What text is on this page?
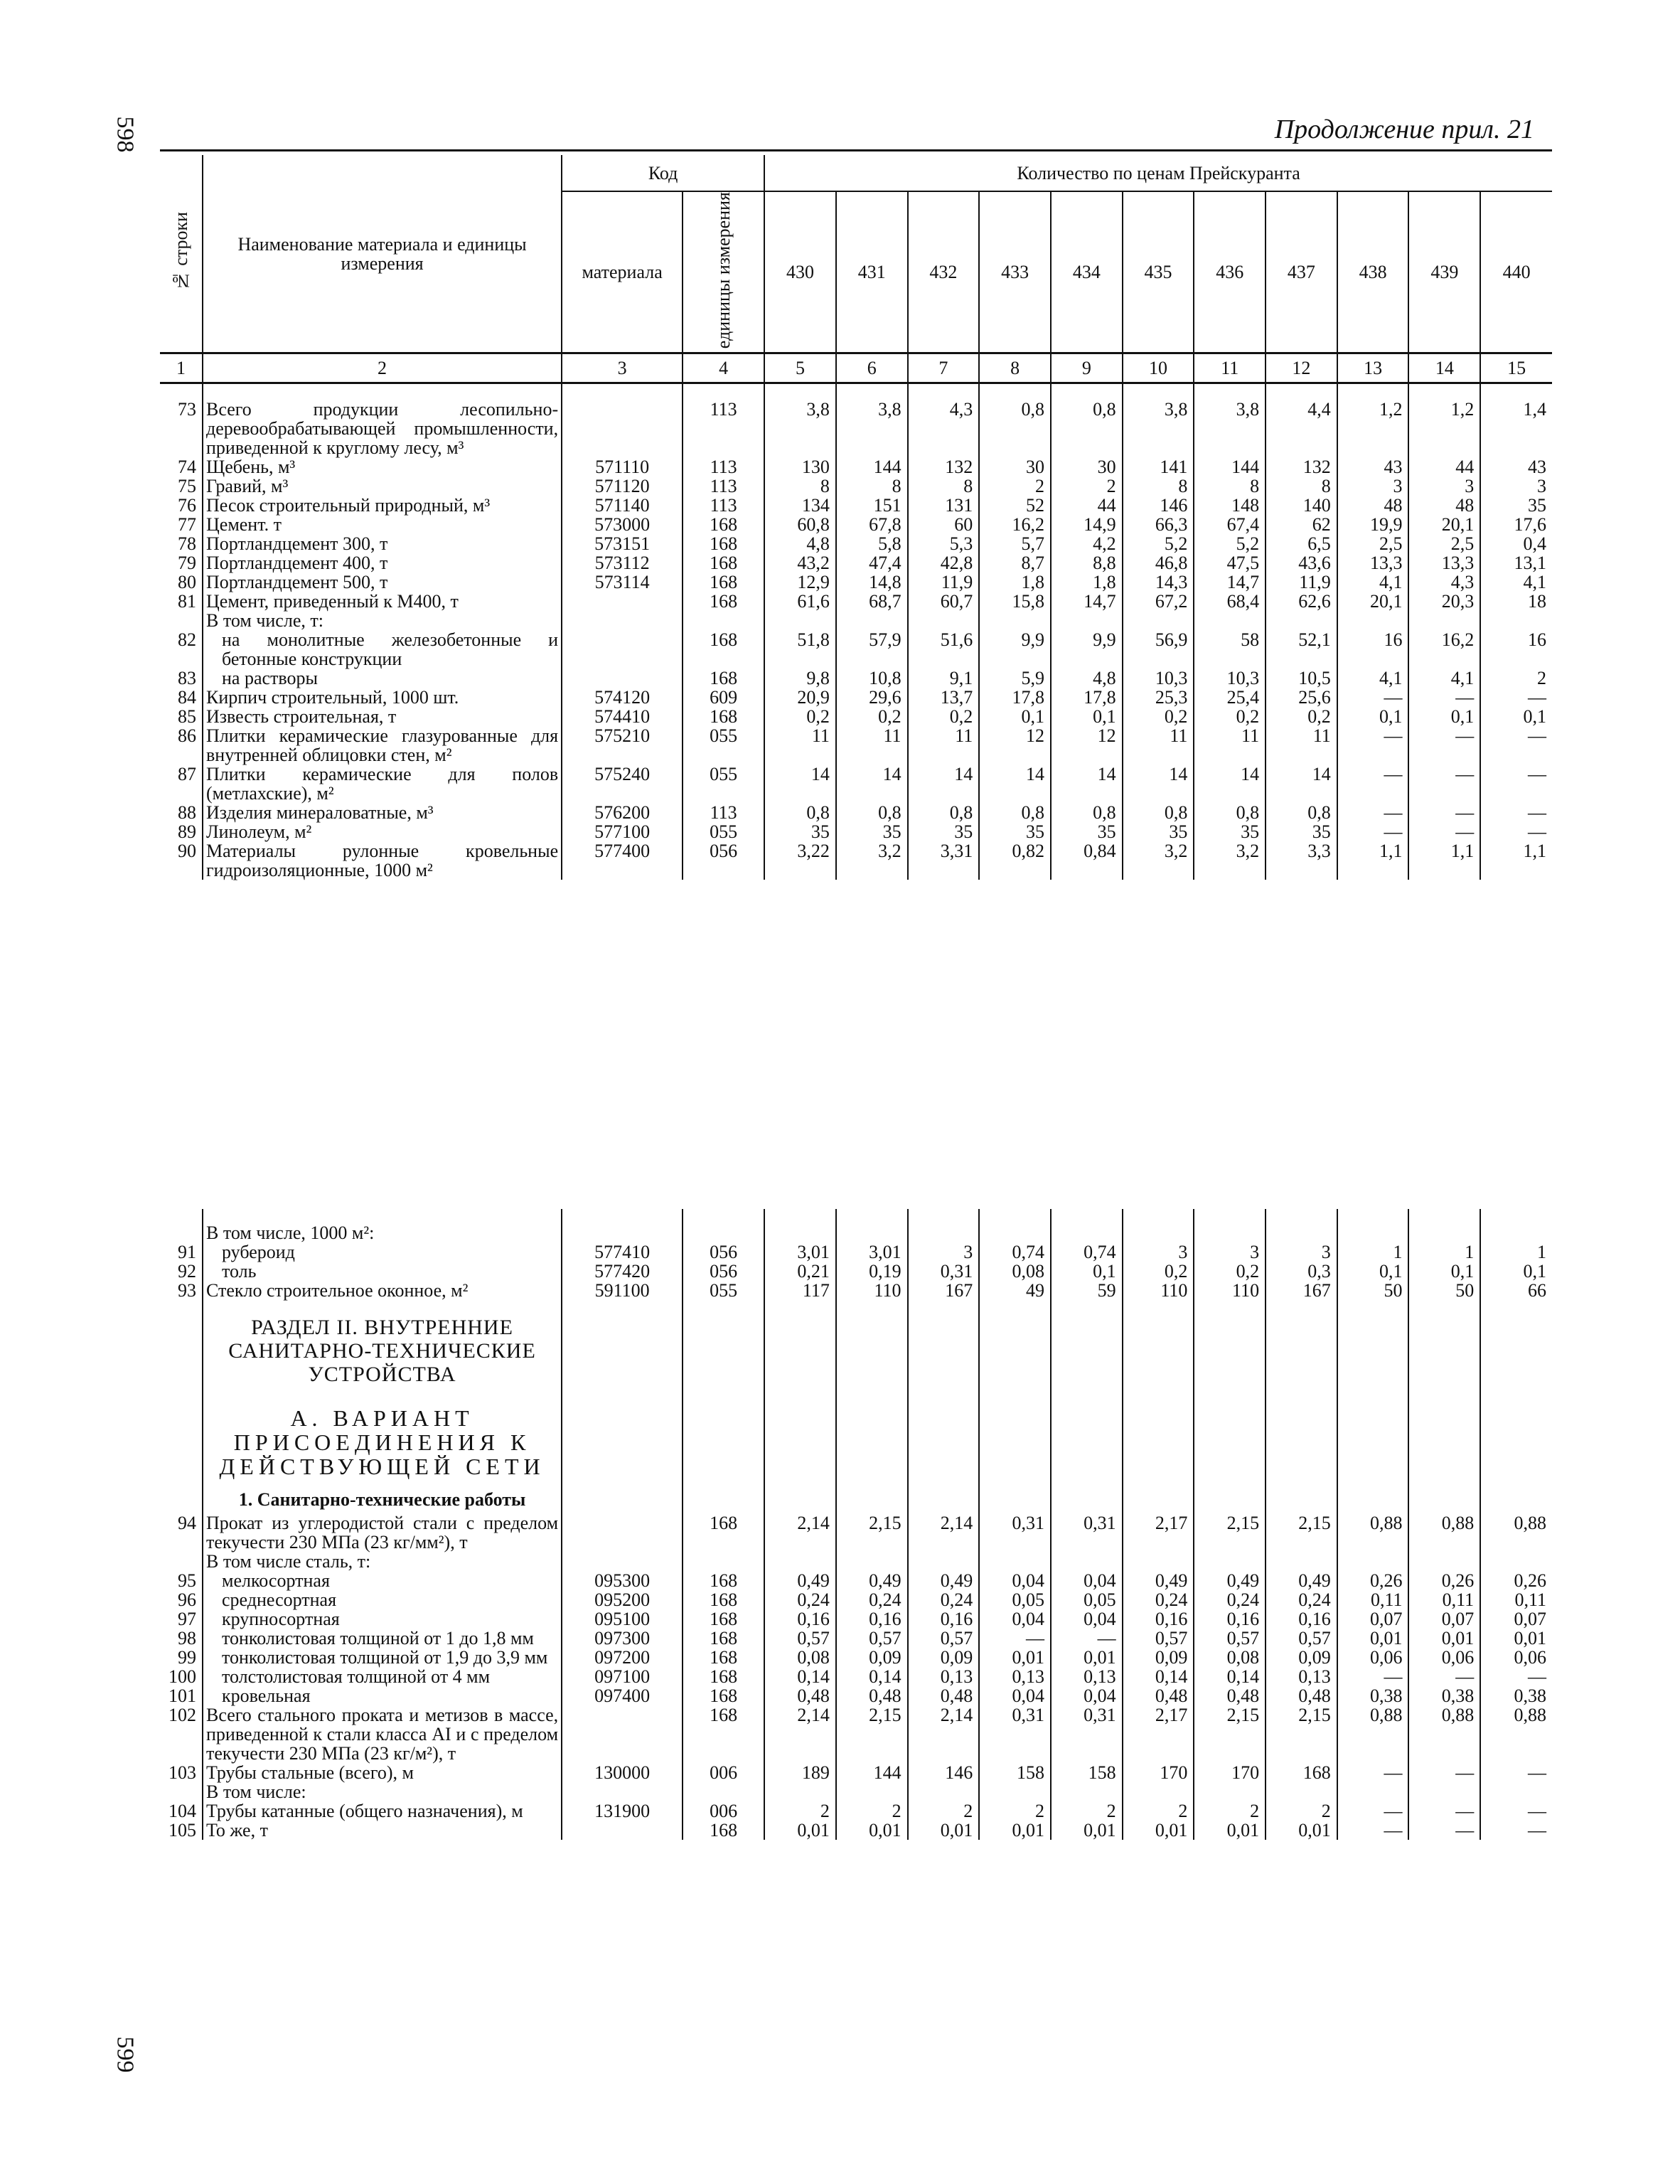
598
599
Продолжение прил. 21
№ строки	Наименование материала и единицы измерения	Код		Количество по ценам Прейскуранта										
		материала	единицы измерения	430	431	432	433	434	435	436	437	438	439	440
1	2	3	4	5	6	7	8	9	10	11	12	13	14	15

73	Всего продукции лесопильно-деревообрабатывающей промышленности, приведенной к круглому лесу, м³		113	3,8	3,8	4,3	0,8	0,8	3,8	3,8	4,4	1,2	1,2	1,4
74	Щебень, м³	571110	113	130	144	132	30	30	141	144	132	43	44	43
75	Гравий, м³	571120	113	8	8	8	2	2	8	8	8	3	3	3
76	Песок строительный природный, м³	571140	113	134	151	131	52	44	146	148	140	48	48	35
77	Цемент. т	573000	168	60,8	67,8	60	16,2	14,9	66,3	67,4	62	19,9	20,1	17,6
78	Портландцемент 300, т	573151	168	4,8	5,8	5,3	5,7	4,2	5,2	5,2	6,5	2,5	2,5	0,4
79	Портландцемент 400, т	573112	168	43,2	47,4	42,8	8,7	8,8	46,8	47,5	43,6	13,3	13,3	13,1
80	Портландцемент 500, т	573114	168	12,9	14,8	11,9	1,8	1,8	14,3	14,7	11,9	4,1	4,3	4,1
81	Цемент, приведенный к М400, т		168	61,6	68,7	60,7	15,8	14,7	67,2	68,4	62,6	20,1	20,3	18
	В том числе, т:													
82	на монолитные железобетонные и бетонные конструкции		168	51,8	57,9	51,6	9,9	9,9	56,9	58	52,1	16	16,2	16
83	на растворы		168	9,8	10,8	9,1	5,9	4,8	10,3	10,3	10,5	4,1	4,1	2
84	Кирпич строительный, 1000 шт.	574120	609	20,9	29,6	13,7	17,8	17,8	25,3	25,4	25,6	—	—	—
85	Известь строительная, т	574410	168	0,2	0,2	0,2	0,1	0,1	0,2	0,2	0,2	0,1	0,1	0,1
86	Плитки керамические глазурованные для внутренней облицовки стен, м²	575210	055	11	11	11	12	12	11	11	11	—	—	—
87	Плитки керамические для полов (метлахские), м²	575240	055	14	14	14	14	14	14	14	14	—	—	—
88	Изделия минераловатные, м³	576200	113	0,8	0,8	0,8	0,8	0,8	0,8	0,8	0,8	—	—	—
89	Линолеум, м²	577100	055	35	35	35	35	35	35	35	35	—	—	—
90	Материалы рулонные кровельные гидроизоляционные, 1000 м²	577400	056	3,22	3,2	3,31	0,82	0,84	3,2	3,2	3,3	1,1	1,1	1,1

	В том числе, 1000 м²:													
91	рубероид	577410	056	3,01	3,01	3	0,74	0,74	3	3	3	1	1	1
92	толь	577420	056	0,21	0,19	0,31	0,08	0,1	0,2	0,2	0,3	0,1	0,1	0,1
93	Стекло строительное оконное, м²	591100	055	117	110	167	49	59	110	110	167	50	50	66
	РАЗДЕЛ II. ВНУТРЕННИЕ САНИТАРНО-ТЕХНИЧЕСКИЕ УСТРОЙСТВА													
	А. ВАРИАНТ ПРИСОЕДИНЕНИЯ К ДЕЙСТВУЮЩЕЙ СЕТИ													
	1. Санитарно-технические работы													
94	Прокат из углеродистой стали с пределом текучести 230 МПа (23 кг/мм²), т		168	2,14	2,15	2,14	0,31	0,31	2,17	2,15	2,15	0,88	0,88	0,88
	В том числе сталь, т:													
95	мелкосортная	095300	168	0,49	0,49	0,49	0,04	0,04	0,49	0,49	0,49	0,26	0,26	0,26
96	среднесортная	095200	168	0,24	0,24	0,24	0,05	0,05	0,24	0,24	0,24	0,11	0,11	0,11
97	крупносортная	095100	168	0,16	0,16	0,16	0,04	0,04	0,16	0,16	0,16	0,07	0,07	0,07
98	тонколистовая толщиной от 1 до 1,8 мм	097300	168	0,57	0,57	0,57	—	—	0,57	0,57	0,57	0,01	0,01	0,01
99	тонколистовая толщиной от 1,9 до 3,9 мм	097200	168	0,08	0,09	0,09	0,01	0,01	0,09	0,08	0,09	0,06	0,06	0,06
100	толстолистовая толщиной от 4 мм	097100	168	0,14	0,14	0,13	0,13	0,13	0,14	0,14	0,13	—	—	—
101	кровельная	097400	168	0,48	0,48	0,48	0,04	0,04	0,48	0,48	0,48	0,38	0,38	0,38
102	Всего стального проката и метизов в массе, приведенной к стали класса AI и с пределом текучести 230 МПа (23 кг/м²), т		168	2,14	2,15	2,14	0,31	0,31	2,17	2,15	2,15	0,88	0,88	0,88
103	Трубы стальные (всего), м	130000	006	189	144	146	158	158	170	170	168	—	—	—
	В том числе:													
104	Трубы катанные (общего назначения), м	131900	006	2	2	2	2	2	2	2	2	—	—	—
105	То же, т		168	0,01	0,01	0,01	0,01	0,01	0,01	0,01	0,01	—	—	—
